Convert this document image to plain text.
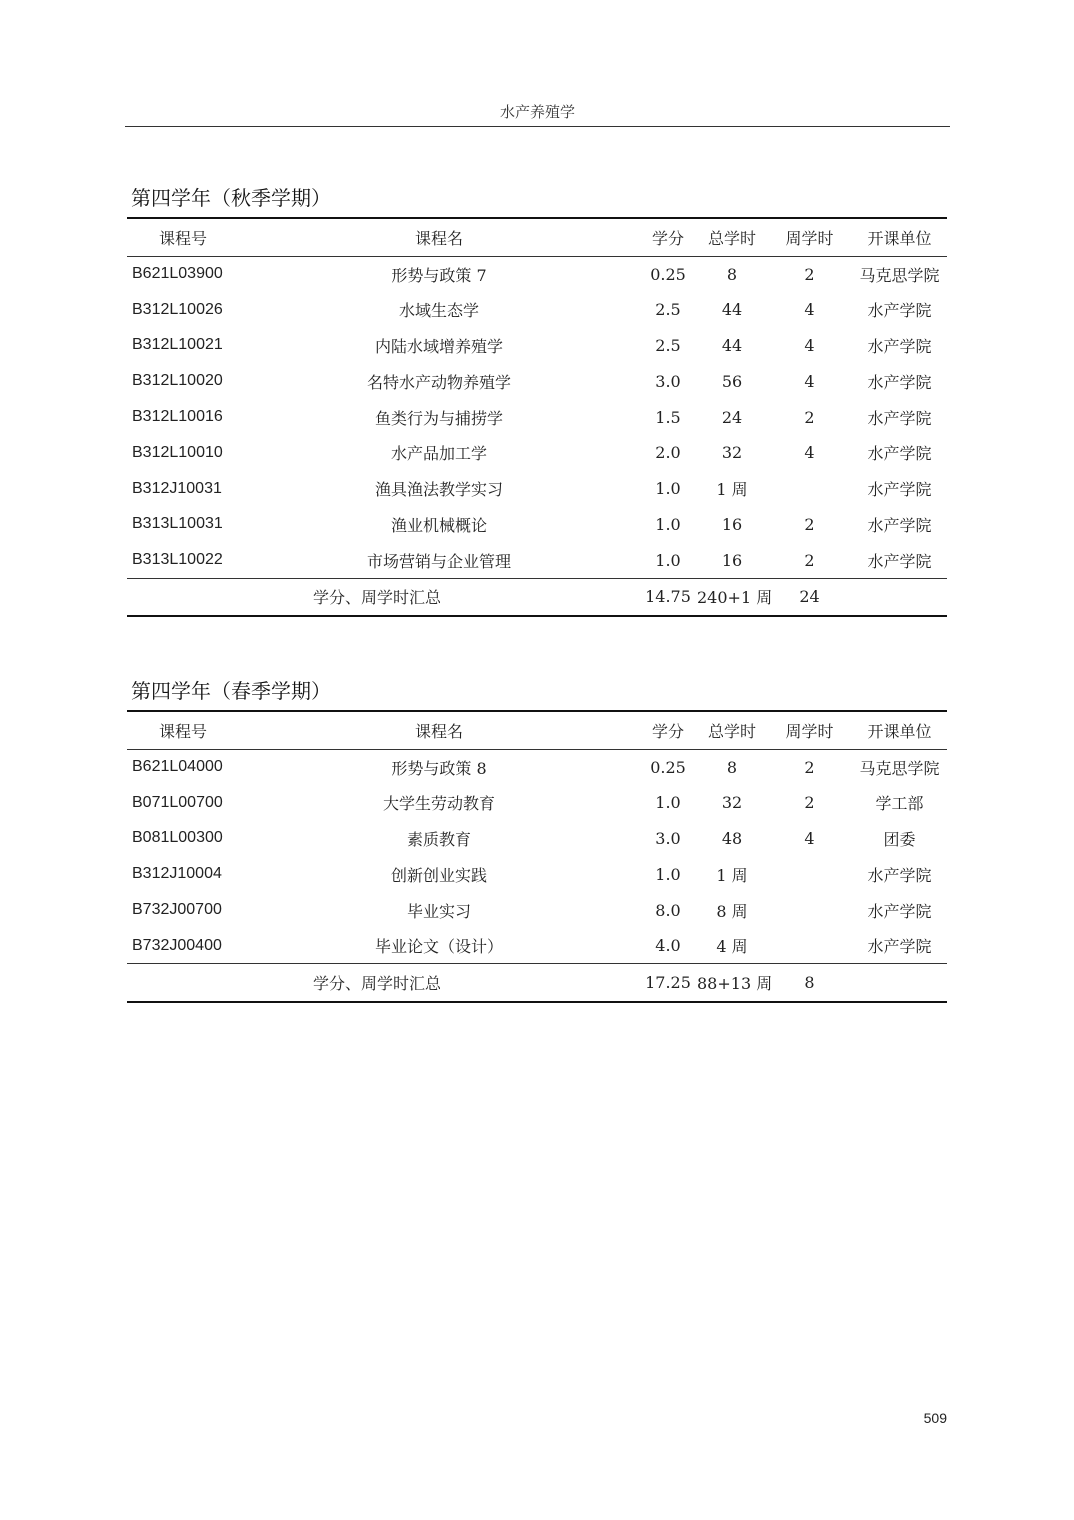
水产养殖学
第四学年（秋季学期）
课程号	课程名	学分	总学时	周学时	开课单位
B621L03900	形势与政策 7	0.25	8	2	马克思学院
B312L10026	水域生态学	2.5	44	4	水产学院
B312L10021	内陆水域增养殖学	2.5	44	4	水产学院
B312L10020	名特水产动物养殖学	3.0	56	4	水产学院
B312L10016	鱼类行为与捕捞学	1.5	24	2	水产学院
B312L10010	水产品加工学	2.0	32	4	水产学院
B312J10031	渔具渔法教学实习	1.0	1 周		水产学院
B313L10031	渔业机械概论	1.0	16	2	水产学院
B313L10022	市场营销与企业管理	1.0	16	2	水产学院
学分、周学时汇总		14.75	240+1 周	24	
第四学年（春季学期）
课程号	课程名	学分	总学时	周学时	开课单位
B621L04000	形势与政策 8	0.25	8	2	马克思学院
B071L00700	大学生劳动教育	1.0	32	2	学工部
B081L00300	素质教育	3.0	48	4	团委
B312J10004	创新创业实践	1.0	1 周		水产学院
B732J00700	毕业实习	8.0	8 周		水产学院
B732J00400	毕业论文（设计）	4.0	4 周		水产学院
学分、周学时汇总		17.25	88+13 周	8	
509
